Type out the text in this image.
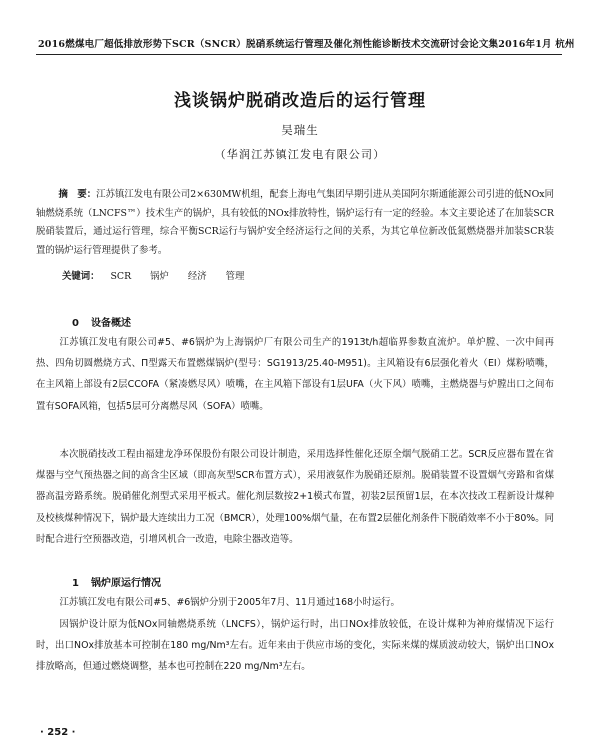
2016燃煤电厂超低排放形势下SCR（SNCR）脱硝系统运行管理及催化剂性能诊断技术交流研讨会论文集 2016年1月 杭州
浅谈锅炉脱硝改造后的运行管理
吴瑞生
（华润江苏镇江发电有限公司）
摘　要：江苏镇江发电有限公司2×630MW机组，配套上海电气集团早期引进从美国阿尔斯通能源公司引进的低NOx同轴燃烧系统（LNCFS™）技术生产的锅炉，具有较低的NOx排放特性，锅炉运行有一定的经验。本文主要论述了在加装SCR脱硝装置后，通过运行管理，综合平衡SCR运行与锅炉安全经济运行之间的关系，为其它单位新改低氮燃烧器并加装SCR装置的锅炉运行管理提供了参考。
关键词： SCR 锅炉 经济 管理
0 设备概述
江苏镇江发电有限公司#5、#6锅炉为上海锅炉厂有限公司生产的1913t/h超临界参数直流炉。单炉膛、一次中间再热、四角切圆燃烧方式、Π型露天布置燃煤锅炉(型号：SG1913/25.40-M951)。主风箱设有6层强化着火（EI）煤粉喷嘴，在主风箱上部设有2层CCOFA（紧凑燃尽风）喷嘴，在主风箱下部设有1层UFA（火下风）喷嘴，主燃烧器与炉膛出口之间布置有SOFA风箱，包括5层可分离燃尽风（SOFA）喷嘴。
本次脱硝技改工程由福建龙净环保股份有限公司设计制造，采用选择性催化还原全烟气脱硝工艺。SCR反应器布置在省煤器与空气预热器之间的高含尘区域（即高灰型SCR布置方式），采用液氨作为脱硝还原剂。脱硝装置不设置烟气旁路和省煤器高温旁路系统。脱硝催化剂型式采用平板式。催化剂层数按2+1模式布置，初装2层预留1层，在本次技改工程新设计煤种及校核煤种情况下，锅炉最大连续出力工况（BMCR），处理100%烟气量，在布置2层催化剂条件下脱硝效率不小于80%。同时配合进行空预器改造，引增风机合一改造，电除尘器改造等。
1 锅炉原运行情况
江苏镇江发电有限公司#5、#6锅炉分别于2005年7月、11月通过168小时运行。
因锅炉设计原为低NOx同轴燃烧系统（LNCFS），锅炉运行时，出口NOx排放较低，在设计煤种为神府煤情况下运行时，出口NOx排放基本可控制在180 mg/Nm³左右。近年来由于供应市场的变化，实际来煤的煤质波动较大，锅炉出口NOx排放略高，但通过燃烧调整，基本也可控制在220 mg/Nm³左右。
· 252 ·
